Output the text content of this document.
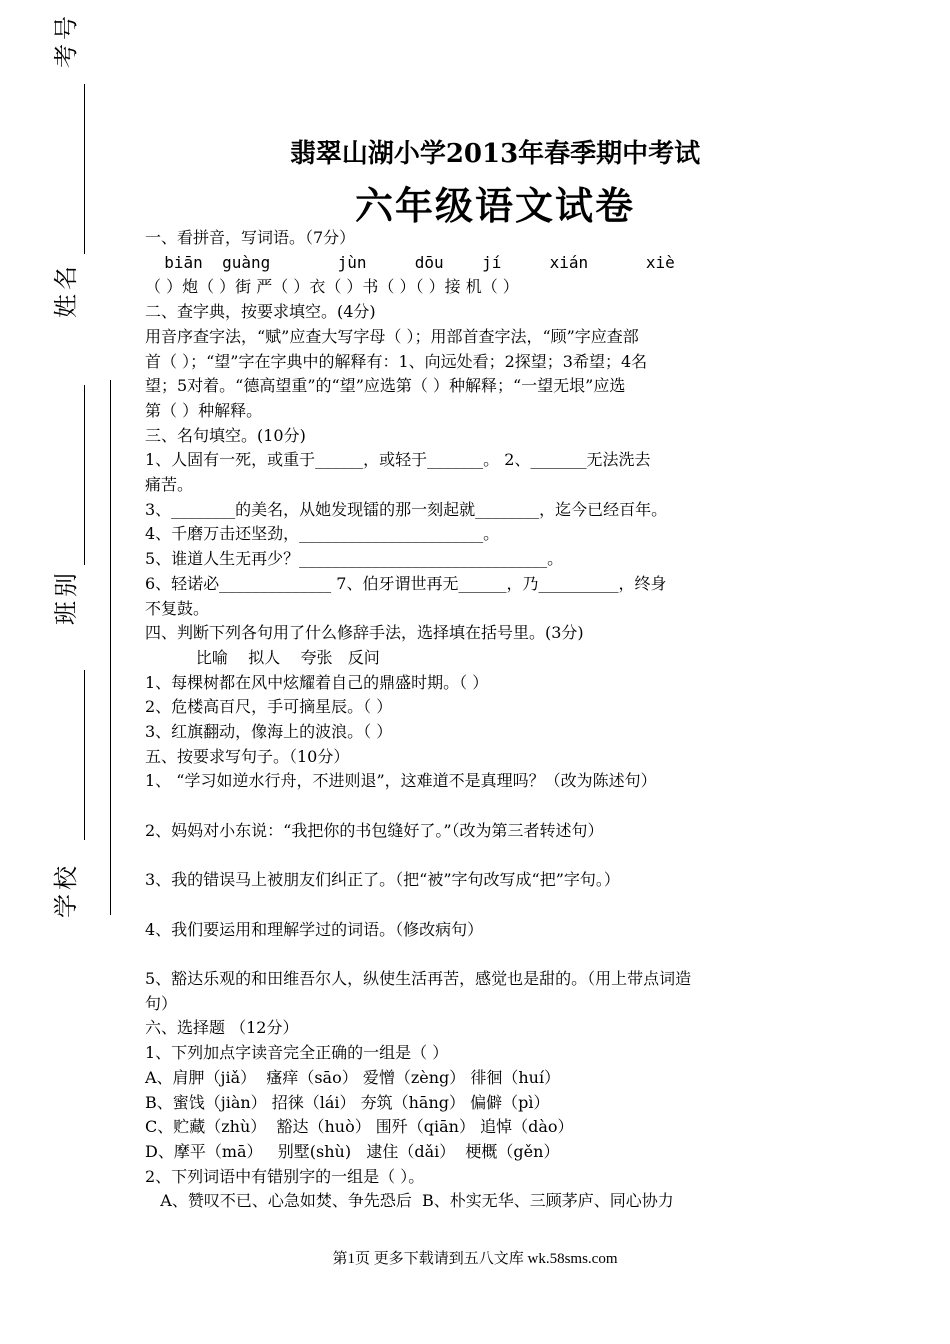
考号
姓名
班别
学校
翡翠山湖小学2013年春季期中考试
六年级语文试卷
一、看拼音，写词语。（7分）
biān  guàng       jùn     dōu    jí     xián      xiè
（ ）炮（ ）街 严（ ）衣（ ）书（ ）（ ）接 机（ ）
二、查字典，按要求填空。(4分)
用音序查字法，“赋”应查大写字母（ ）；用部首查字法，“顾”字应查部
首（ ）；“望”字在字典中的解释有：1、向远处看；2探望；3希望；4名
望；5对着。“德高望重”的“望”应选第（ ）种解释；“一望无垠”应选
第（ ）种解释。
三、名句填空。(10分)
1、人固有一死，或重于______，或轻于_______。 2、_______无法洗去
痛苦。
3、________的美名，从她发现镭的那一刻起就________，迄今已经百年。
4、千磨万击还坚劲，_______________________。
5、谁道人生无再少？_______________________________。
6、轻诺必______________ 7、伯牙谓世再无______，乃__________，终身
不复鼓。
四、判断下列各句用了什么修辞手法，选择填在括号里。(3分)
比喻    拟人    夸张   反问
1、每棵树都在风中炫耀着自己的鼎盛时期。（ ）
2、危楼高百尺，手可摘星辰。（ ）
3、红旗翻动，像海上的波浪。（ ）
五、按要求写句子。（10分）
1、 “学习如逆水行舟，不进则退”，这难道不是真理吗？（改为陈述句）
2、妈妈对小东说：“我把你的书包缝好了。”（改为第三者转述句）
3、我的错误马上被朋友们纠正了。（把“被”字句改写成“把”字句。）
4、我们要运用和理解学过的词语。（修改病句）
5、豁达乐观的和田维吾尔人，纵使生活再苦，感觉也是甜的。（用上带点词造
句）
六、选择题 （12分）
1、下列加点字读音完全正确的一组是（ ）
A、肩胛（jiǎ）  瘙痒（sāo） 爱憎（zèng） 徘徊（huí）
B、蜜饯（jiàn） 招徕（lái） 夯筑（hāng） 偏僻（pì）
C、贮藏（zhù）  豁达（huò） 围歼（qiān） 追悼（dào）
D、摩平（mā）   别墅(shù)   逮住（dǎi）  梗概（gěn）
2、下列词语中有错别字的一组是（ ）。
A、赞叹不已、心急如焚、争先恐后  B、朴实无华、三顾茅庐、同心协力
第1页 更多下载请到五八文库 wk.58sms.com
